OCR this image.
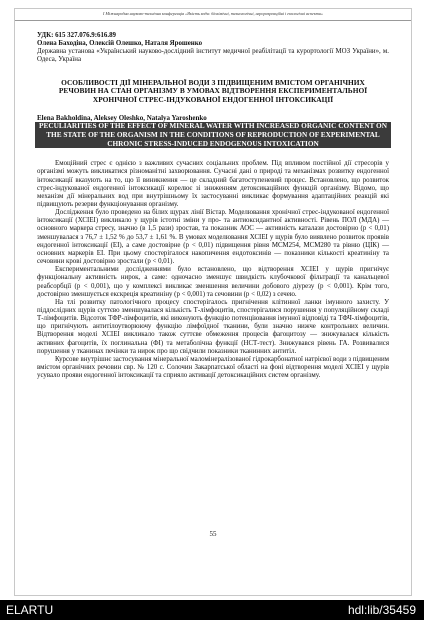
І Міжнародна науково-технічна конференція «Якість води: біохімічні, технологічні, агрорекреаційні і екологічні аспекти»

УДК: 615 327.076.9:616.89

Олена Баходіна, Олексій Олешко, Наталя Ярошенко

Державна установа «Український науково-дослідний інститут медичної реабілітації та курортології МОЗ України», м. Одеса, Україна

ОСОБЛИВОСТІ ДІЇ МІНЕРАЛЬНОЇ ВОДИ З ПІДВИЩЕНИМ ВМІСТОМ ОРГАНІЧНИХ РЕЧОВИН НА СТАН ОРГАНІЗМУ В УМОВАХ ВІДТВОРЕННЯ ЕКСПЕРИМЕНТАЛЬНОЇ ХРОНІЧНОЇ СТРЕС-ІНДУКОВАНОЇ ЕНДОГЕННОЇ ІНТОКСИКАЦІЇ

Elena Bakholdina, Aleksey Oleshko, Natalya Yaroshenko

PECULIARITIES OF THE EFFECT OF MINERAL WATER WITH INCREASED ORGANIC CONTENT ON THE STATE OF THE ORGANISM IN THE CONDITIONS OF REPRODUCTION OF EXPERIMENTAL CHRONIC STRESS-INDUCED ENDOGENOUS INTOXICATION

Емоційний стрес є однією з важливих сучасних соціальних проблем. Під впливом постійної дії стресорів у організмі можуть викликатися різноманітні захворювання. Сучасні дані о природі та механізмах розвитку ендогенної інтоксикації вказують на то, що її виникнення — це складний багатоступеневий процес. Встановлено, що розвиток стрес-індукованої ендогенної інтоксикації корелює зі зниженням детоксикаційних функцій організму. Відомо, що механізм дії мінеральних вод при внутрішньому їх застосуванні викликає формування адаптаційних реакцій які підвищують резерви функціонування організму.

Дослідження було проведено на білих щурах лінії Вістар. Моделювання хронічної стрес-індукованої ендогенної інтоксикації (ХСІЕІ) викликало у щурів істотні зміни у про- та антиоксидантної активності. Рівень ПОЛ (МДА) — основного маркера стресу, значно (в 1,5 рази) зростав, та показник АОС — активність каталази достовірно (p < 0,01) зменшувалася з 76,7 ± 1,52 % до 53,7 ± 1,61 %. В умовах моделювання ХСІЕІ у щурів було виявлено розвиток проявів ендогенної інтоксикації (ЕІ), а саме достовірне (p < 0,01) підвищення рівня МСМ254, МСМ280 та рівню (ЦІК) — основних маркерів ЕІ. При цьому спостерігалося накопичення ендотоксинів — показники кількості креатиніну та сечовини крові достовірно зростали (p < 0,01).

Експериментальними дослідженнями було встановлено, що відтворення ХСІЕІ у щурів пригнічує функціональну активність нирок, а саме: одночасно зменшує швидкість клубочкової фільтрації та канальцевої реабсорбції (p < 0,001), що у комплексі викликає зменшення величини добового діурезу (p < 0,001). Крім того, достовірно зменшується екскреція креатиніну (p < 0,001) та сечовини (p < 0,02) з сечею.

На тлі розвитку патологічного процесу спостерігалось пригнічення клітинної ланки імунного захисту. У піддослідних щурів суттєво зменшувалася кількість Т-лімфоцитів, спостерігалися порушення у популяційному складі Т-лімфоцитів. Відсоток ТФР-лімфоцитів, які виконують функцію потенціювання імунної відповіді та ТФЧ-лімфоцитів, що пригнічують антитілоутворюючу функцію лімфоїдної тканини, були значно нижче контрольних величин. Відтворення моделі ХСІЕІ викликало також суттєве обмеження процесів фагоцитозу — знижувалася кількість активних фагоцитів, їх поглинальна (ФІ) та метаболічна функції (НСТ-тест). Знижувався рівень ГА. Розвивалися порушення у тканинах печінки та нирок про що свідчили показники тканинних антитіл.

Курсове внутрішнє застосування мінеральної маломінералізованої гідрокарбонатної натрієвої води з підвищеним вмістом органічних речовин свр. № 120 с. Солочин Закарпатської області на фоні відтворення моделі ХСІЕІ у щурів усувало прояви ендогенної інтоксикації та сприяло активації детоксикаційних систем організму.

55
ELARTU	hdl:lib/35459
